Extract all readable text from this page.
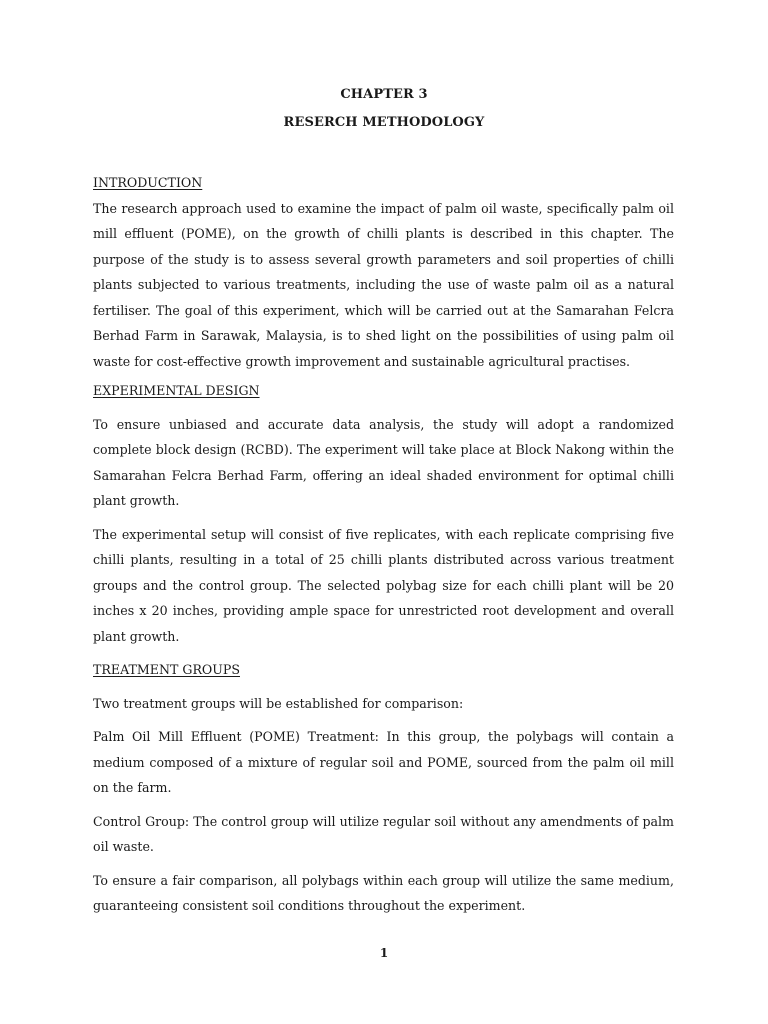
CHAPTER 3
RESERCH METHODOLOGY
INTRODUCTION

The research approach used to examine the impact of palm oil waste, specifically palm oil mill effluent (POME), on the growth of chilli plants is described in this chapter. The purpose of the study is to assess several growth parameters and soil properties of chilli plants subjected to various treatments, including the use of waste palm oil as a natural fertiliser. The goal of this experiment, which will be carried out at the Samarahan Felcra Berhad Farm in Sarawak, Malaysia, is to shed light on the possibilities of using palm oil waste for cost-effective growth improvement and sustainable agricultural practises.

EXPERIMENTAL DESIGN

To ensure unbiased and accurate data analysis, the study will adopt a randomized complete block design (RCBD). The experiment will take place at Block Nakong within the Samarahan Felcra Berhad Farm, offering an ideal shaded environment for optimal chilli plant growth.

The experimental setup will consist of five replicates, with each replicate comprising five chilli plants, resulting in a total of 25 chilli plants distributed across various treatment groups and the control group. The selected polybag size for each chilli plant will be 20 inches x 20 inches, providing ample space for unrestricted root development and overall plant growth.

TREATMENT GROUPS

Two treatment groups will be established for comparison:

Palm Oil Mill Effluent (POME) Treatment: In this group, the polybags will contain a medium composed of a mixture of regular soil and POME, sourced from the palm oil mill on the farm.

Control Group: The control group will utilize regular soil without any amendments of palm oil waste.

To ensure a fair comparison, all polybags within each group will utilize the same medium, guaranteeing consistent soil conditions throughout the experiment.

1
